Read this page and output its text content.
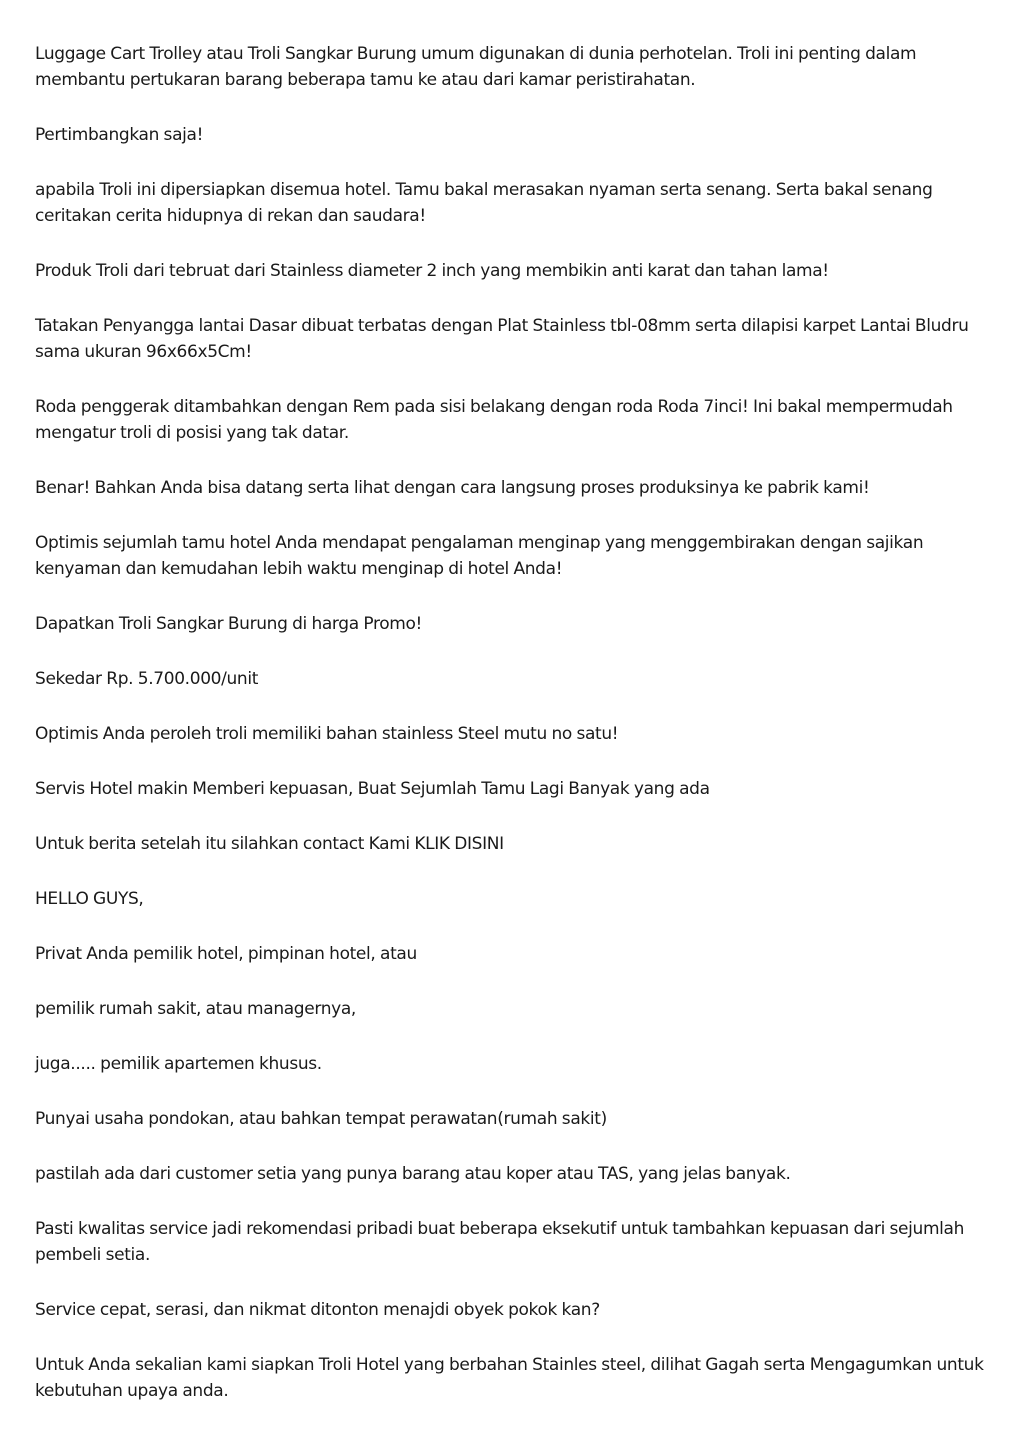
Luggage Cart Trolley atau Troli Sangkar Burung umum digunakan di dunia perhotelan. Troli ini penting dalam membantu pertukaran barang beberapa tamu ke atau dari kamar peristirahatan.

Pertimbangkan saja!

apabila Troli ini dipersiapkan disemua hotel. Tamu bakal merasakan nyaman serta senang. Serta bakal senang ceritakan cerita hidupnya di rekan dan saudara!

Produk Troli dari tebruat dari Stainless diameter 2 inch yang membikin anti karat dan tahan lama!

Tatakan Penyangga lantai Dasar dibuat terbatas dengan Plat Stainless tbl-08mm serta dilapisi karpet Lantai Bludru sama ukuran 96x66x5Cm!

Roda penggerak ditambahkan dengan Rem pada sisi belakang dengan roda Roda 7inci! Ini bakal mempermudah mengatur troli di posisi yang tak datar.

Benar! Bahkan Anda bisa datang serta lihat dengan cara langsung proses produksinya ke pabrik kami!

Optimis sejumlah tamu hotel Anda mendapat pengalaman menginap yang menggembirakan dengan sajikan kenyaman dan kemudahan lebih waktu menginap di hotel Anda!

Dapatkan Troli Sangkar Burung di harga Promo!

Sekedar Rp. 5.700.000/unit

Optimis Anda peroleh troli memiliki bahan stainless Steel mutu no satu!

Servis Hotel makin Memberi kepuasan, Buat Sejumlah Tamu Lagi Banyak yang ada

Untuk berita setelah itu silahkan contact Kami KLIK DISINI

HELLO GUYS,

Privat Anda pemilik hotel, pimpinan hotel, atau

pemilik rumah sakit, atau managernya,

juga..... pemilik apartemen khusus.

Punyai usaha pondokan, atau bahkan tempat perawatan(rumah sakit)

pastilah ada dari customer setia yang punya barang atau koper atau TAS, yang jelas banyak.

Pasti kwalitas service jadi rekomendasi pribadi buat beberapa eksekutif untuk tambahkan kepuasan dari sejumlah pembeli setia.

Service cepat, serasi, dan nikmat ditonton menajdi obyek pokok kan?

Untuk Anda sekalian kami siapkan Troli Hotel yang berbahan Stainles steel, dilihat Gagah serta Mengagumkan untuk kebutuhan upaya anda.
